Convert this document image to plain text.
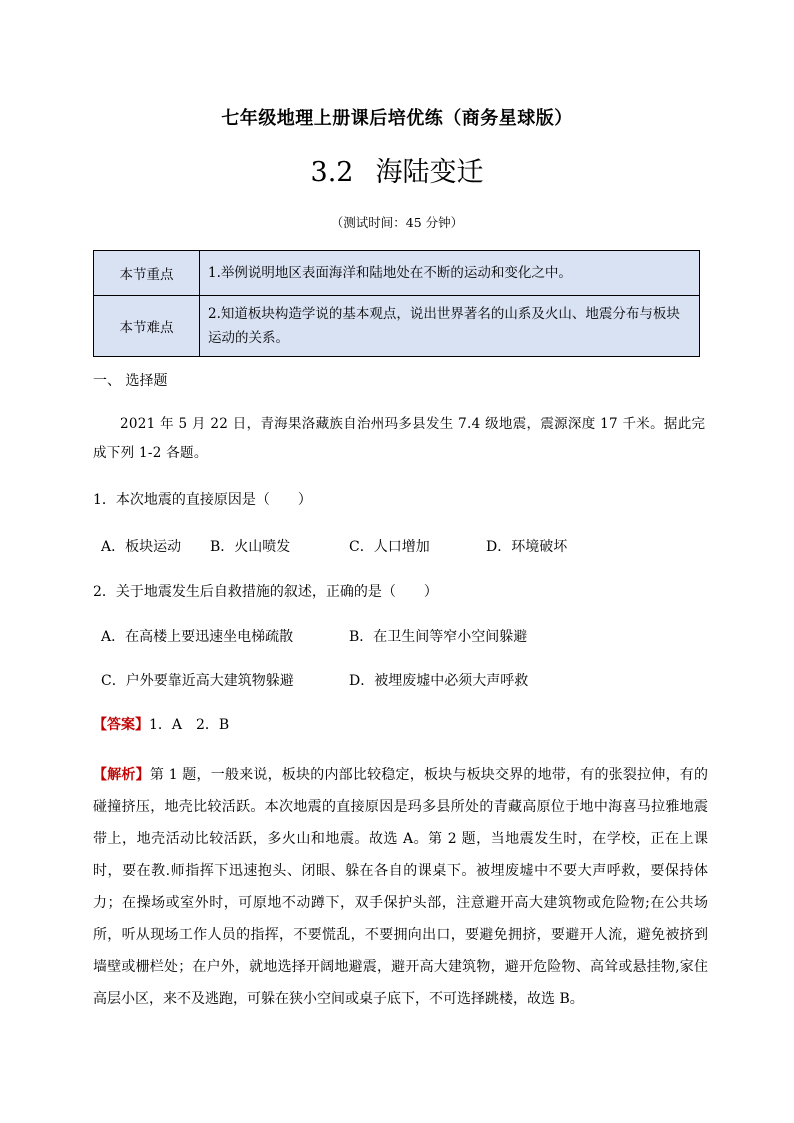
七年级地理上册课后培优练（商务星球版）
3.2 海陆变迁
（测试时间：45 分钟）
本节重点	1.举例说明地区表面海洋和陆地处在不断的运动和变化之中。
本节难点	2.知道板块构造学说的基本观点，说出世界著名的山系及火山、地震分布与板块运动的关系。
一、 选择题
2021 年 5 月 22 日，青海果洛藏族自治州玛多县发生 7.4 级地震，震源深度 17 千米。据此完成下列 1-2 各题。
1．本次地震的直接原因是（　　）
A．板块运动 B．火山喷发	C．人口增加	D．环境破坏
2．关于地震发生后自救措施的叙述，正确的是（　　）
A．在高楼上要迅速坐电梯疏散	B．在卫生间等窄小空间躲避
C．户外要靠近高大建筑物躲避	D．被埋废墟中必须大声呼救
【答案】1．A　2．B
【解析】第 1 题，一般来说，板块的内部比较稳定，板块与板块交界的地带，有的张裂拉伸，有的碰撞挤压，地壳比较活跃。本次地震的直接原因是玛多县所处的青藏高原位于地中海喜马拉雅地震带上，地壳活动比较活跃，多火山和地震。故选 A。第 2 题，当地震发生时，在学校，正在上课时，要在教.师指挥下迅速抱头、闭眼、躲在各自的课桌下。被埋废墟中不要大声呼救，要保持体力；在操场或室外时，可原地不动蹲下，双手保护头部，注意避开高大建筑物或危险物;在公共场所，听从现场工作人员的指挥，不要慌乱，不要拥向出口，要避免拥挤，要避开人流，避免被挤到墙壁或栅栏处；在户外，就地选择开阔地避震，避开高大建筑物，避开危险物、高耸或悬挂物,家住高层小区，来不及逃跑，可躲在狭小空间或桌子底下，不可选择跳楼，故选 B。
